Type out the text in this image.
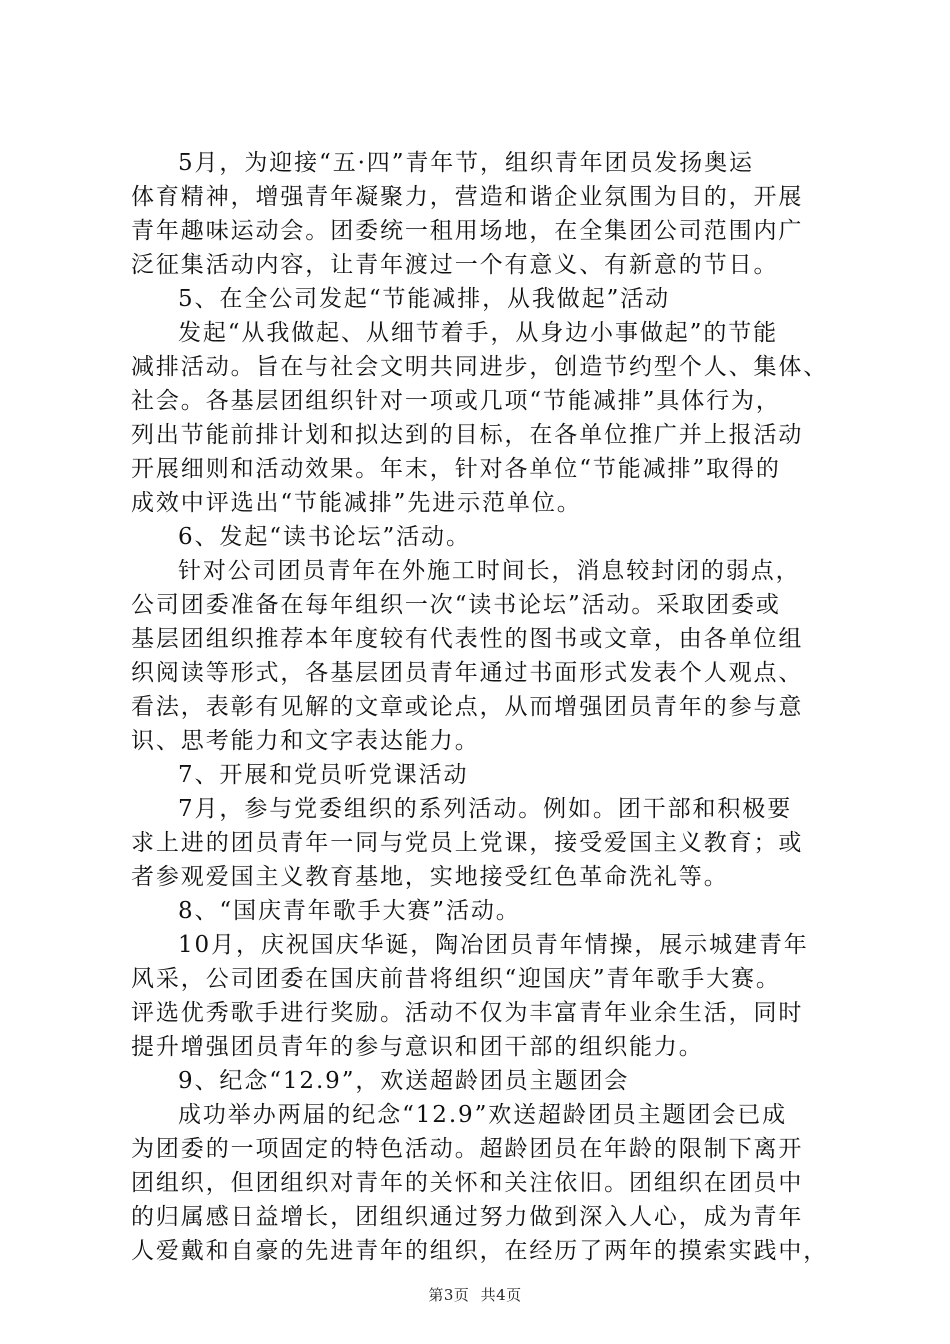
5月，为迎接“五·四”青年节，组织青年团员发扬奥运
体育精神，增强青年凝聚力，营造和谐企业氛围为目的，开展
青年趣味运动会。团委统一租用场地，在全集团公司范围内广
泛征集活动内容，让青年渡过一个有意义、有新意的节日。
5、在全公司发起“节能减排，从我做起”活动
发起“从我做起、从细节着手，从身边小事做起”的节能
减排活动。旨在与社会文明共同进步，创造节约型个人、集体、
社会。各基层团组织针对一项或几项“节能减排”具体行为，
列出节能前排计划和拟达到的目标，在各单位推广并上报活动
开展细则和活动效果。年末，针对各单位“节能减排”取得的
成效中评选出“节能减排”先进示范单位。
6、发起“读书论坛”活动。
针对公司团员青年在外施工时间长，消息较封闭的弱点，
公司团委准备在每年组织一次“读书论坛”活动。采取团委或
基层团组织推荐本年度较有代表性的图书或文章，由各单位组
织阅读等形式，各基层团员青年通过书面形式发表个人观点、
看法，表彰有见解的文章或论点，从而增强团员青年的参与意
识、思考能力和文字表达能力。
7、开展和党员听党课活动
7月，参与党委组织的系列活动。例如。团干部和积极要
求上进的团员青年一同与党员上党课，接受爱国主义教育；或
者参观爱国主义教育基地，实地接受红色革命洗礼等。
8、“国庆青年歌手大赛”活动。
10月，庆祝国庆华诞，陶冶团员青年情操，展示城建青年
风采，公司团委在国庆前昔将组织“迎国庆”青年歌手大赛。
评选优秀歌手进行奖励。活动不仅为丰富青年业余生活，同时
提升增强团员青年的参与意识和团干部的组织能力。
9、纪念“12.9”，欢送超龄团员主题团会
成功举办两届的纪念“12.9”欢送超龄团员主题团会已成
为团委的一项固定的特色活动。超龄团员在年龄的限制下离开
团组织，但团组织对青年的关怀和关注依旧。团组织在团员中
的归属感日益增长，团组织通过努力做到深入人心，成为青年
人爱戴和自豪的先进青年的组织，在经历了两年的摸索实践中，
第3页 共4页
